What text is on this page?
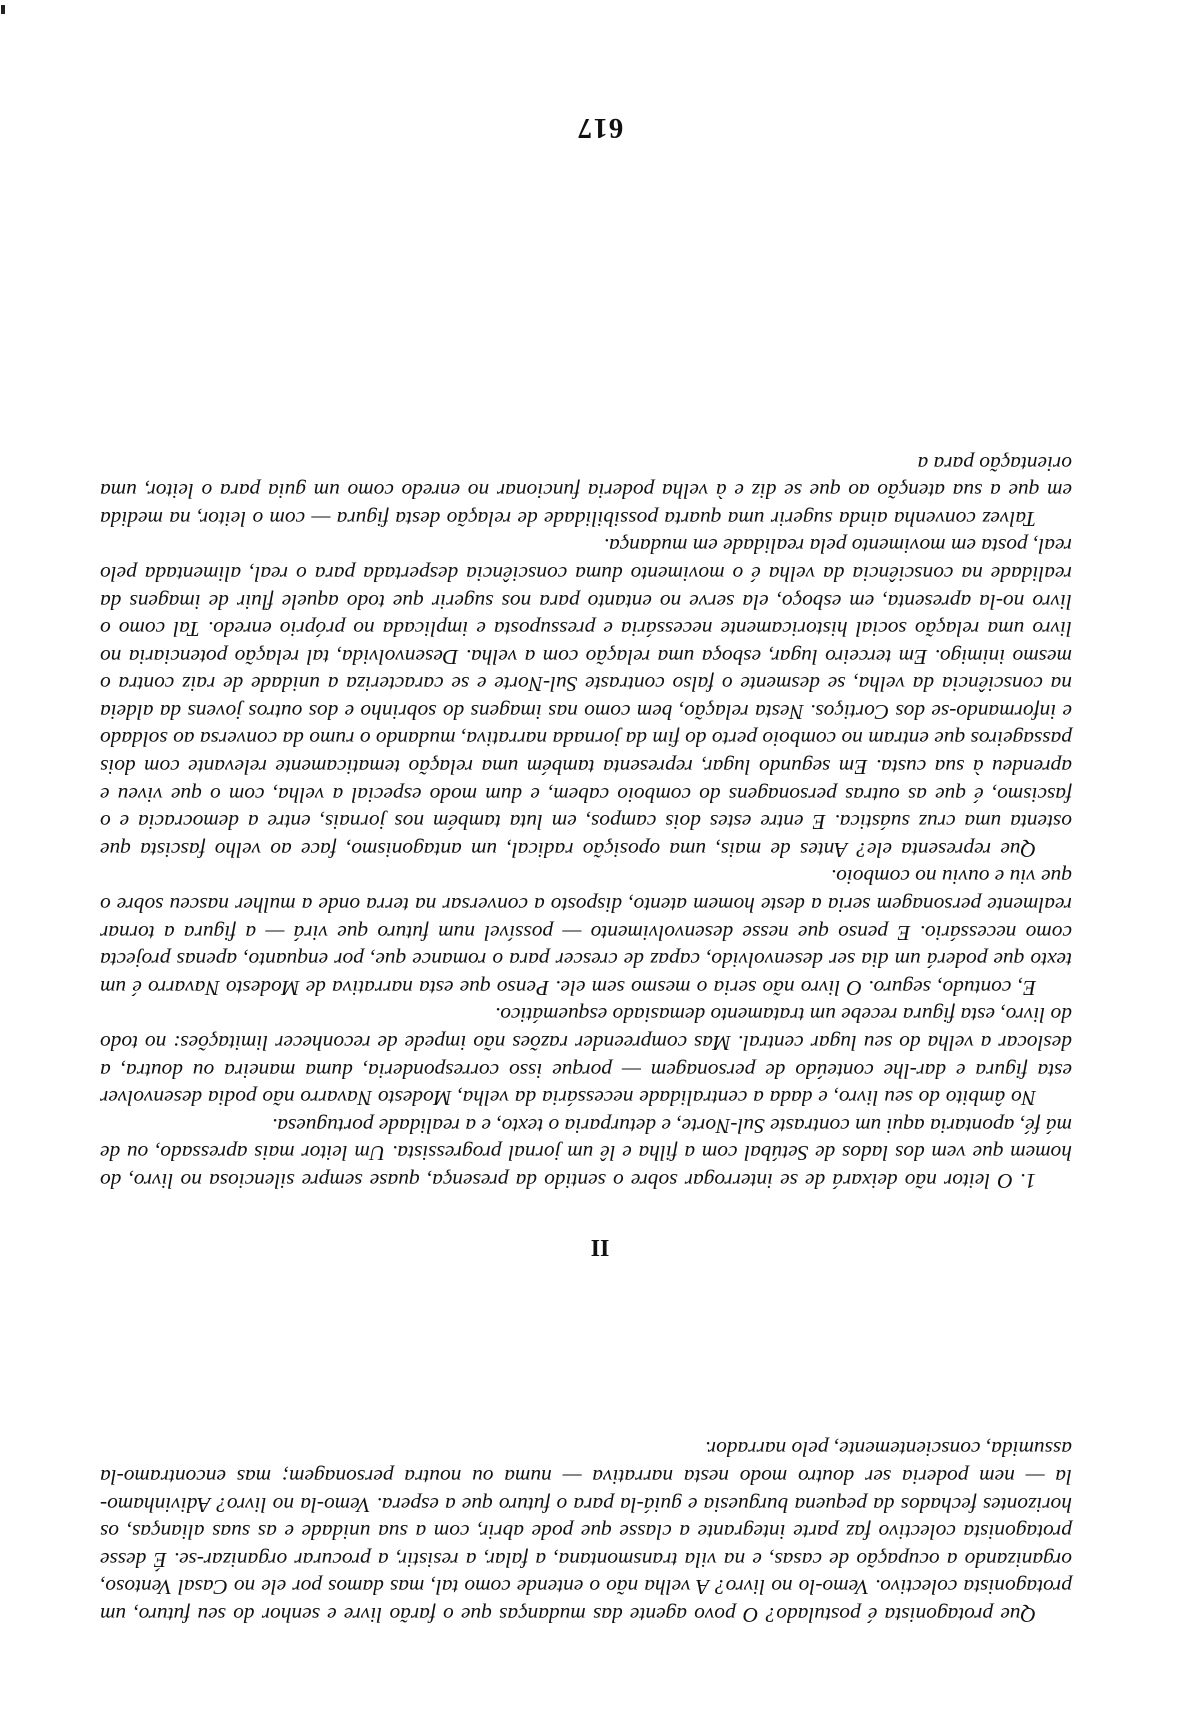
Que protagonista é postulado? O povo agente das mudanças que o farão livre e senhor do seu futuro, um protagonista colectivo. Vemo-lo no livro? A velha não o entende como tal, mas damos por ele no Casal Ventoso, organizando a ocupação de casas, e na vila transmontana, a falar, a resistir, a procurar organizar-se. É desse protagonista colectivo faz parte integrante a classe que pode abrir, com a sua unidade e as suas alianças, os horizontes fechados da pequena burguesia e guiá-la para o futuro que a espera. Vemo-la no livro? Adivinhamo-la — nem poderia ser doutro modo nesta narrativa — numa ou noutra personagem; mas encontramo-la assumida, conscientemente, pelo narrador.

II

1. O leitor não deixará de se interrogar sobre o sentido da presença, quase sempre silenciosa no livro, do homem que vem dos lados de Setúbal com a filha e lê um jornal progressista. Um leitor mais apressado, ou de má fé, apontaria aqui um contraste Sul-Norte, e deturparia o texto, e a realidade portuguesa.

No âmbito do seu livro, e dada a centralidade necessária da velha, Modesto Navarro não podia desenvolver esta figura e dar-lhe conteúdo de personagem — porque isso corresponderia, duma maneira ou doutra, a deslocar a velha do seu lugar central. Mas compreender razões não impede de reconhecer limitações: no todo do livro, esta figura recebe um tratamento demasiado esquemático.

E, contudo, seguro. O livro não seria o mesmo sem ele. Penso que esta narrativa de Modesto Navarro é um texto que poderá um dia ser desenvolvido, capaz de crescer para o romance que, por enquanto, apenas projecta como necessário. E penso que nesse desenvolvimento — possível num futuro que virá — a figura a tornar realmente personagem seria a deste homem atento, disposto a conversar na terra onde a mulher nasceu sobre o que viu e ouviu no comboio.

Que representa ele? Antes de mais, uma oposição radical, um antagonismo, face ao velho fascista que ostenta uma cruz suástica. E entre estes dois campos, em luta também nos jornais, entre a democracia e o fascismo, é que as outras personagens do comboio cabem, e dum modo especial a velha, com o que viveu e aprendeu à sua custa. Em segundo lugar, representa também uma relação tematicamente relevante com dois passageiros que entram no comboio perto do fim da jornada narrativa, mudando o rumo da conversa ao soldado e informando-se dos Cortiços. Nesta relação, bem como nas imagens do sobrinho e dos outros jovens da aldeia na consciência da velha, se desmente o falso contraste Sul-Norte e se caracteriza a unidade de raiz contra o mesmo inimigo. Em terceiro lugar, esboça uma relação com a velha. Desenvolvida, tal relação potenciaria no livro uma relação social historicamente necessária e pressuposta e implicada no próprio enredo. Tal como o livro no-la apresenta, em esboço, ela serve no entanto para nos sugerir que todo aquele fluir de imagens da realidade na consciência da velha é o movimento duma consciência despertada para o real, alimentada pelo real, posta em movimento pela realidade em mudança.

Talvez convenha ainda sugerir uma quarta possibilidade de relação desta figura — com o leitor, na medida em que a sua atenção ao que se diz e à velha poderia funcionar no enredo como um guia para o leitor, uma orientação para a

617
